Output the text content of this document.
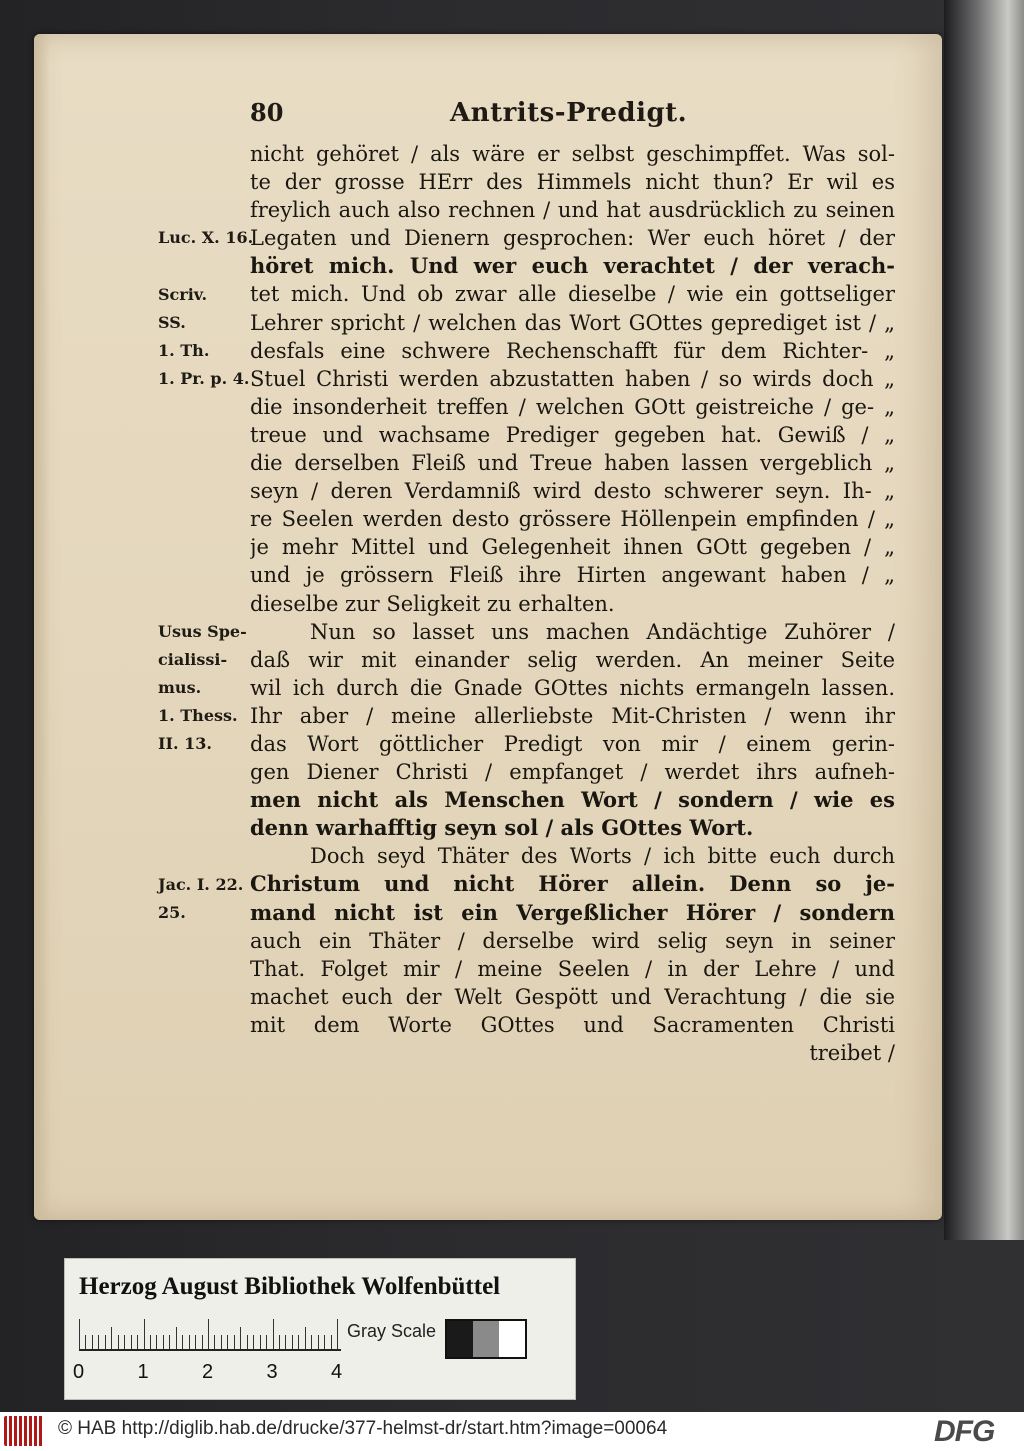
80	Antrits-Predigt.
nicht gehöret / als wäre er selbst geschimpffet. Was sol-
te der grosse HErr des Himmels nicht thun? Er wil es
freylich auch also rechnen / und hat ausdrücklich zu seinen
Legaten und Dienern gesprochen: Wer euch höret / der
höret mich. Und wer euch verachtet / der verach-
tet mich. Und ob zwar alle dieselbe / wie ein gottseliger
Lehrer spricht / welchen das Wort GOttes geprediget ist / „
desfals eine schwere Rechenschafft für dem Richter- „
Stuel Christi werden abzustatten haben / so wirds doch „
die insonderheit treffen / welchen GOtt geistreiche / ge- „
treue und wachsame Prediger gegeben hat. Gewiß / „
die derselben Fleiß und Treue haben lassen vergeblich „
seyn / deren Verdamniß wird desto schwerer seyn. Ih- „
re Seelen werden desto grössere Höllenpein empfinden / „
je mehr Mittel und Gelegenheit ihnen GOtt gegeben / „
und je grössern Fleiß ihre Hirten angewant haben / „
dieselbe zur Seligkeit zu erhalten.
Nun so lasset uns machen Andächtige Zuhörer /
daß wir mit einander selig werden. An meiner Seite
wil ich durch die Gnade GOttes nichts ermangeln lassen.
Ihr aber / meine allerliebste Mit-Christen / wenn ihr
das Wort göttlicher Predigt von mir / einem gerin-
gen Diener Christi / empfanget / werdet ihrs aufneh-
men nicht als Menschen Wort / sondern / wie es
denn warhafftig seyn sol / als GOttes Wort.
Doch seyd Thäter des Worts / ich bitte euch durch
Christum und nicht Hörer allein. Denn so je-
mand nicht ist ein Vergeßlicher Hörer / sondern
auch ein Thäter / derselbe wird selig seyn in seiner
That. Folget mir / meine Seelen / in der Lehre / und
machet euch der Welt Gespött und Verachtung / die sie
mit dem Worte GOttes und Sacramenten Christi
treibet /
Luc. X. 16.
Scriv.
SS.
1. Th.
1. Pr. p. 4.
Usus Spe-
cialissi-
mus.
1. Thess.
II. 13.
Jac. I. 22.
25.
Herzog August Bibliothek Wolfenbüttel
Gray Scale
0	1	2	3	4
© HAB http://diglib.hab.de/drucke/377-helmst-dr/start.htm?image=00064	DFG
